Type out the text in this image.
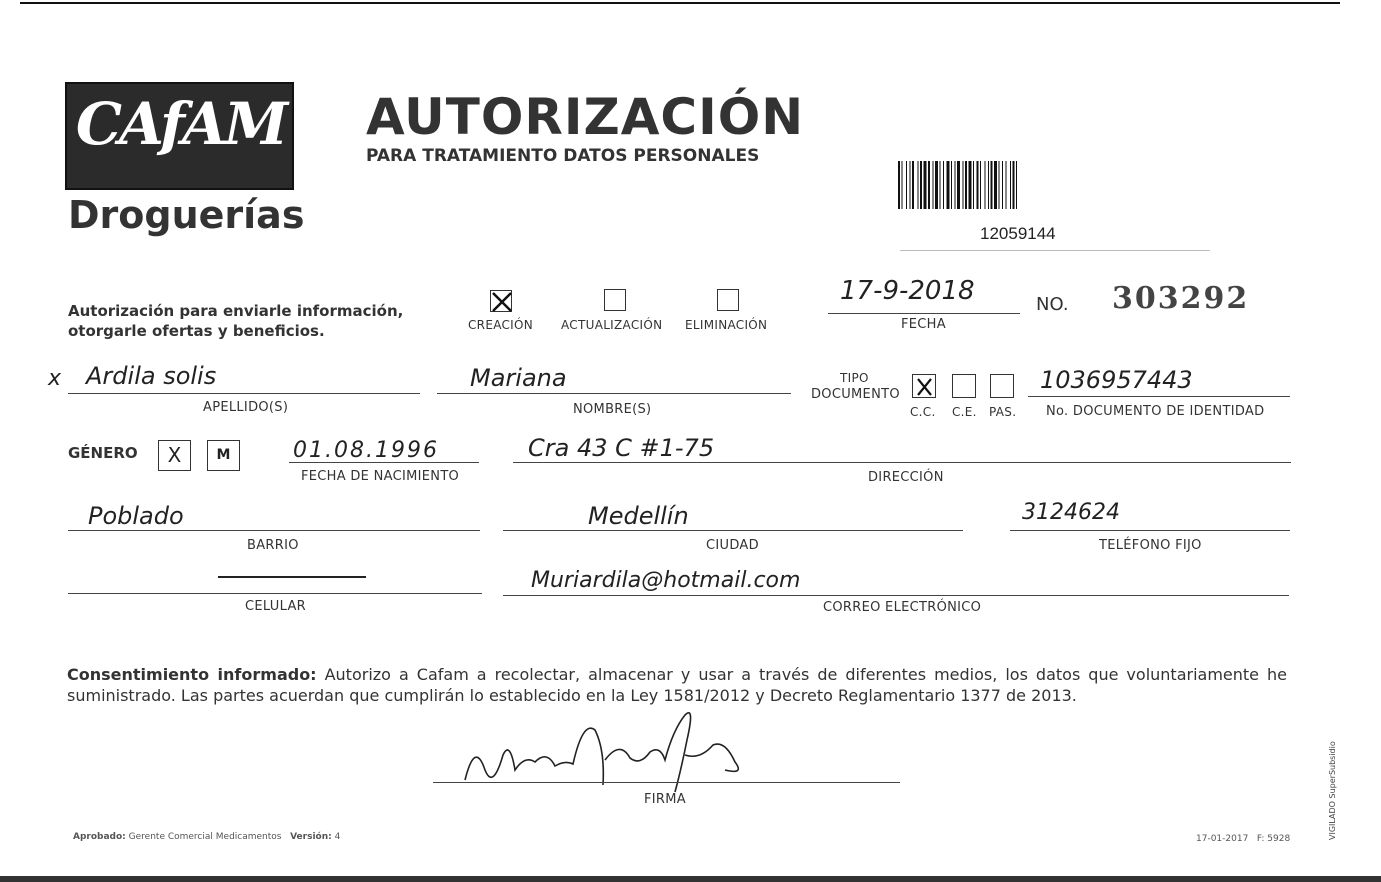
CAfAM
Droguerías
AUTORIZACIÓN
PARA TRATAMIENTO DATOS PERSONALES
12059144
Autorización para enviarle información,
otorgarle ofertas y beneficios.	CREACIÓN ACTUALIZACIÓN ELIMINACIÓN
17-9-2018
FECHA
NO. 303292
x Ardila solis
APELLIDO(S)
Mariana
NOMBRE(S)
TIPO
DOCUMENTO
C.C. C.E. PAS.
1036957443
No. DOCUMENTO DE IDENTIDAD
GÉNERO	X	M	01.08.1996
FECHA DE NACIMIENTO
Cra 43 C #1-75
DIRECCIÓN
Poblado
BARRIO
Medellín
CIUDAD
3124624
TELÉFONO FIJO
CELULAR
Muriardila@hotmail.com
CORREO ELECTRÓNICO
Consentimiento informado: Autorizo a Cafam a recolectar, almacenar y usar a través de diferentes medios, los datos que voluntariamente he suministrado. Las partes acuerdan que cumplirán lo establecido en la Ley 1581/2012 y Decreto Reglamentario 1377 de 2013.
FIRMA
Aprobado: Gerente Comercial Medicamentos Versión: 4	17-01-2017 F: 5928	VIGILADO SuperSubsidio
